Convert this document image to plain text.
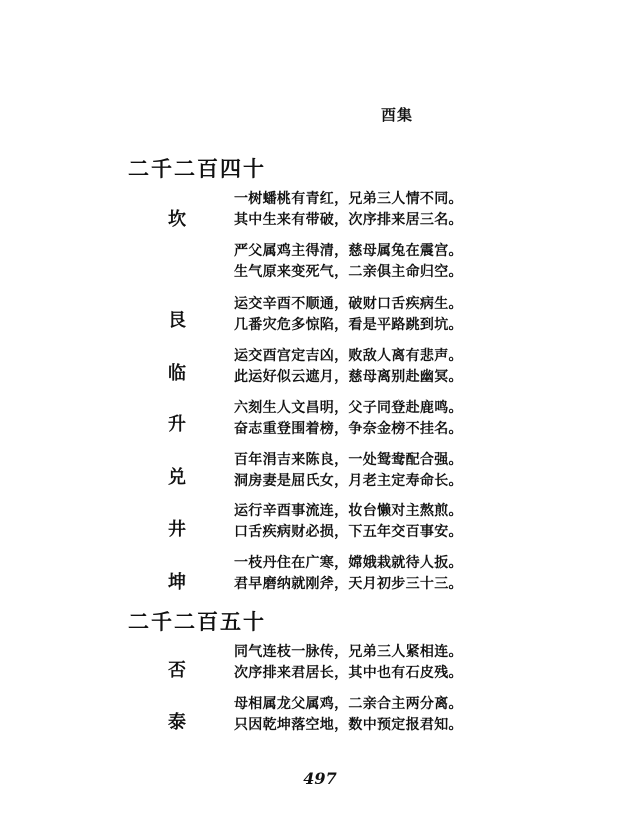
酉集
二千二百四十
坎
一树蟠桃有青红，兄弟三人情不同。
其中生来有带破，次序排来居三名。
严父属鸡主得清，慈母属兔在震宫。
生气原来变死气，二亲俱主命归空。
艮
运交辛酉不顺通，破财口舌疾病生。
几番灾危多惊陷，看是平路跳到坑。
临
运交酉宫定吉凶，败敌人离有悲声。
此运好似云遮月，慈母离别赴幽冥。
升
六刻生人文昌明，父子同登赴鹿鸣。
奋志重登围着榜，争奈金榜不挂名。
兑
百年涓吉来陈良，一处鸳鸯配合强。
洞房妻是屈氏女，月老主定寿命长。
井
运行辛酉事流连，妆台懒对主熬煎。
口舌疾病财必损，下五年交百事安。
坤
一枝丹住在广寒，嫦娥栽就待人扳。
君早磨纳就刚斧，天月初步三十三。
二千二百五十
否
同气连枝一脉传，兄弟三人紧相连。
次序排来君居长，其中也有石皮残。
泰
母相属龙父属鸡，二亲合主两分离。
只因乾坤落空地，数中预定报君知。
497
